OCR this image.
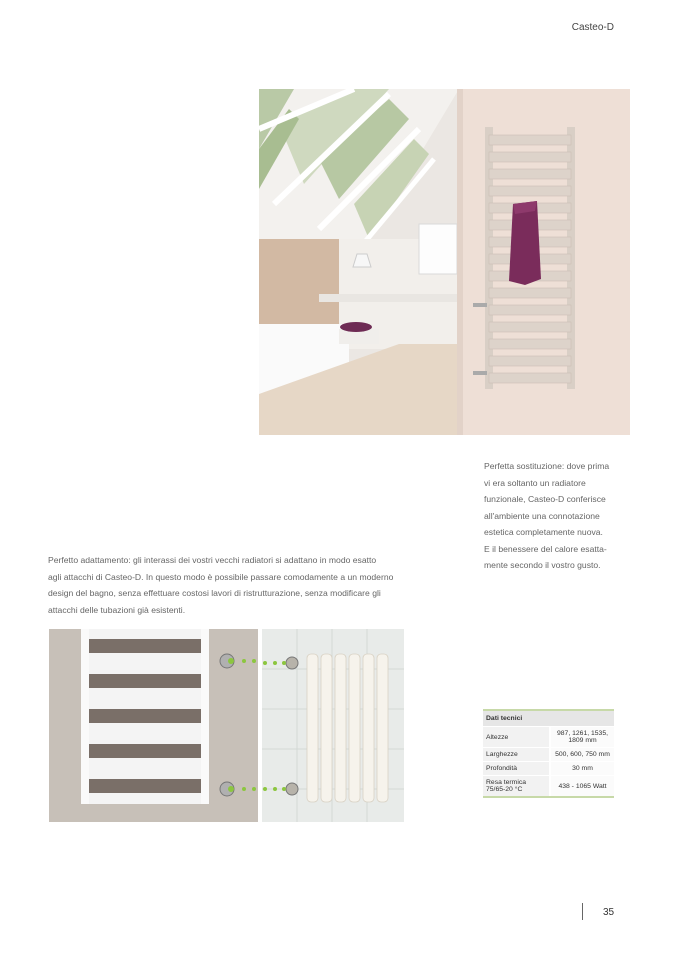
Casteo-D
Perfetta sostituzione: dove prima
vi era soltanto un radiatore
funzionale, Casteo-D conferisce
all'ambiente una connotazione
estetica completamente nuova.
E il benessere del calore esatta-
mente secondo il vostro gusto.
Perfetto adattamento: gli interassi dei vostri vecchi radiatori si adattano in modo esatto
agli attacchi di Casteo-D. In questo modo è possibile passare comodamente a un moderno
design del bagno, senza effettuare costosi lavori di ristrutturazione, senza modificare gli
attacchi delle tubazioni già esistenti.
Dati tecnici	
Altezze	987, 1261, 1535, 1809 mm
Larghezze	500, 600, 750 mm
Profondità	30 mm
Resa termica 75/65-20 °C	438 - 1065 Watt
35
